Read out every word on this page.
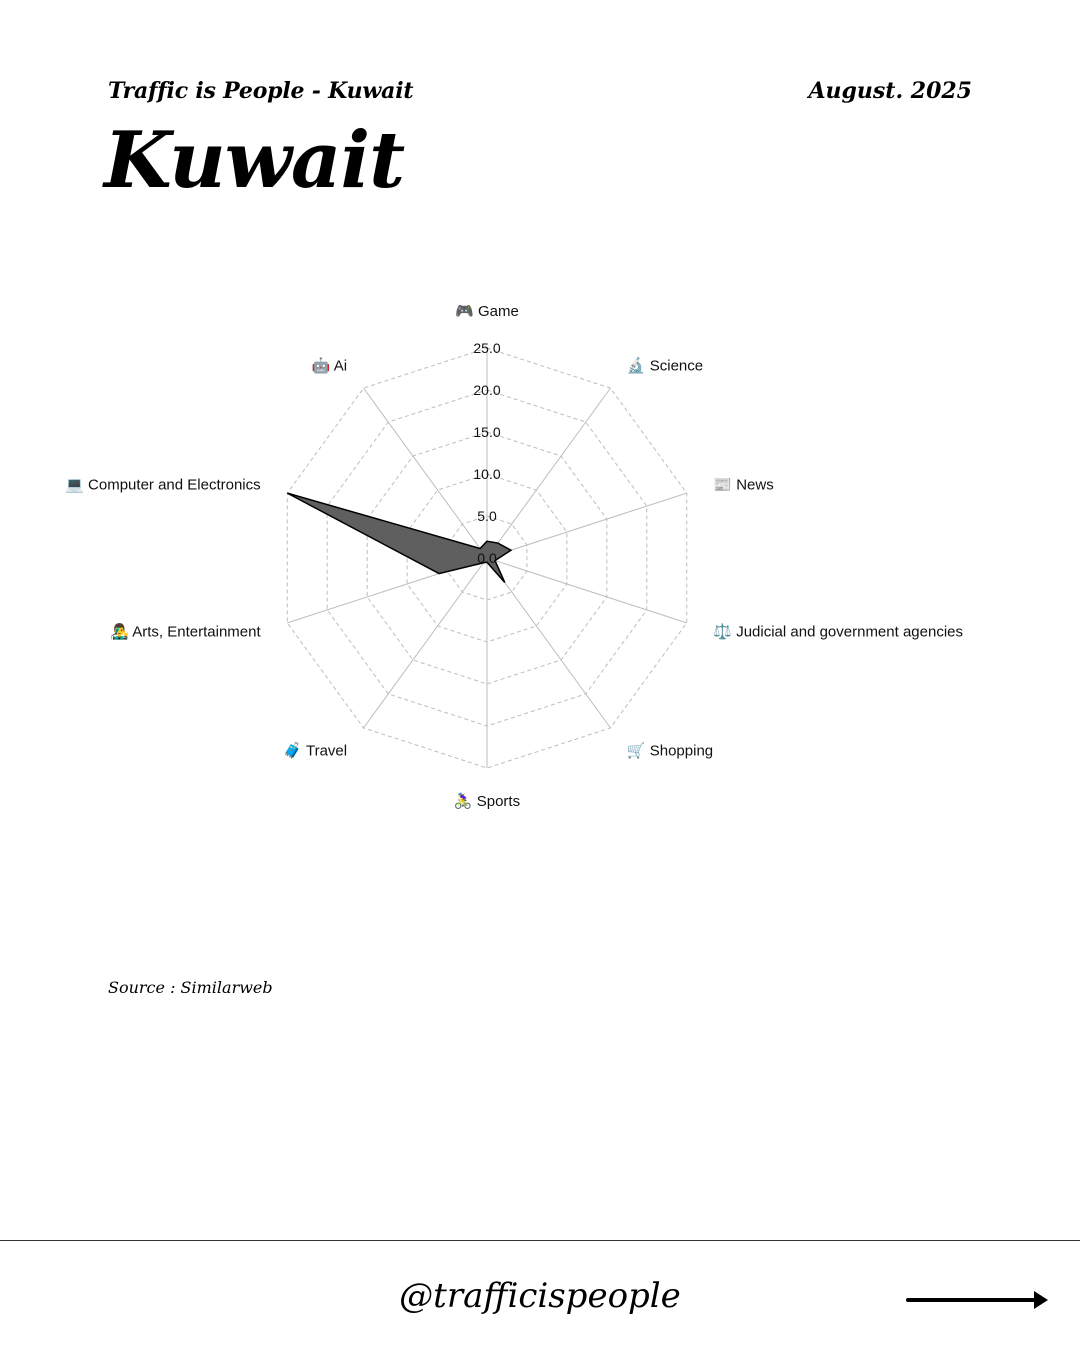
Traffic is People - Kuwait	August. 2025
Kuwait
0.0
5.0
10.0
15.0
20.0
25.0
🎮 Game
🔬 Science
📰 News
⚖️ Judicial and government agencies
🛒 Shopping
🚴‍♀️ Sports
🧳 Travel
👨‍🎤 Arts, Entertainment
💻 Computer and Electronics
🤖 Ai
Source : Similarweb
@trafficispeople
